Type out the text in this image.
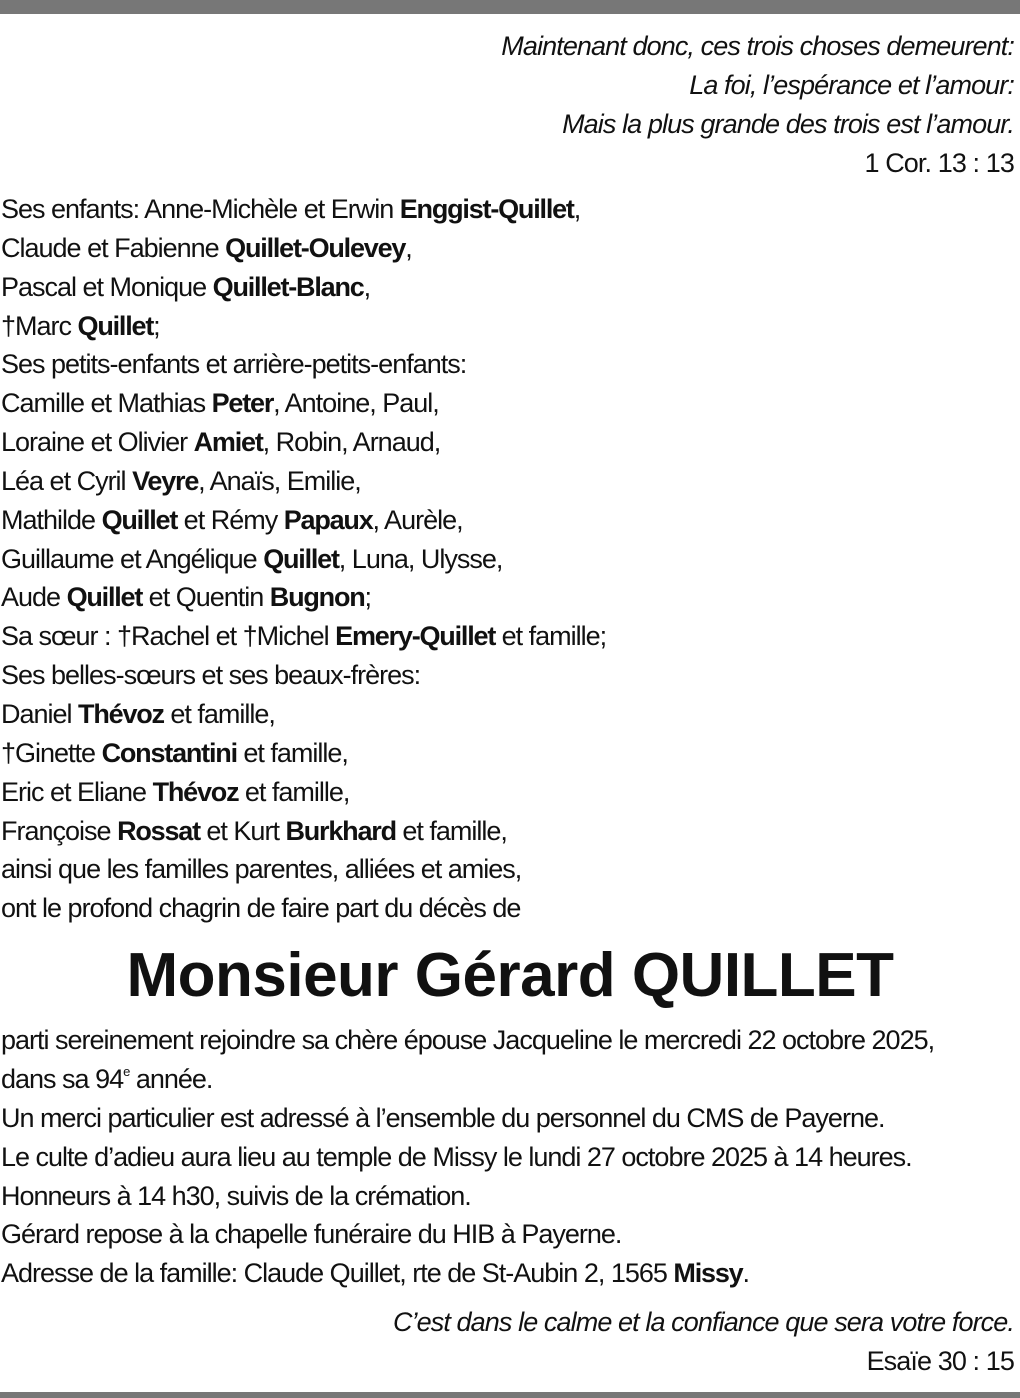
Maintenant donc, ces trois choses demeurent:
La foi, l’espérance et l’amour:
Mais la plus grande des trois est l’amour.
1 Cor. 13 : 13
Ses enfants: Anne-Michèle et Erwin Enggist-Quillet,
Claude et Fabienne Quillet-Oulevey,
Pascal et Monique Quillet-Blanc,
†Marc Quillet;
Ses petits-enfants et arrière-petits-enfants:
Camille et Mathias Peter, Antoine, Paul,
Loraine et Olivier Amiet, Robin, Arnaud,
Léa et Cyril Veyre, Anaïs, Emilie,
Mathilde Quillet et Rémy Papaux, Aurèle,
Guillaume et Angélique Quillet, Luna, Ulysse,
Aude Quillet et Quentin Bugnon;
Sa sœur : †Rachel et †Michel Emery-Quillet et famille;
Ses belles-sœurs et ses beaux-frères:
Daniel Thévoz et famille,
†Ginette Constantini et famille,
Eric et Eliane Thévoz et famille,
Françoise Rossat et Kurt Burkhard et famille,
ainsi que les familles parentes, alliées et amies,
ont le profond chagrin de faire part du décès de
Monsieur Gérard QUILLET
parti sereinement rejoindre sa chère épouse Jacqueline le mercredi 22 octobre 2025,
dans sa 94e année.
Un merci particulier est adressé à l’ensemble du personnel du CMS de Payerne.
Le culte d’adieu aura lieu au temple de Missy le lundi 27 octobre 2025 à 14 heures.
Honneurs à 14 h30, suivis de la crémation.
Gérard repose à la chapelle funéraire du HIB à Payerne.
Adresse de la famille: Claude Quillet, rte de St-Aubin 2, 1565 Missy.
C’est dans le calme et la confiance que sera votre force.
Esaïe 30 : 15
